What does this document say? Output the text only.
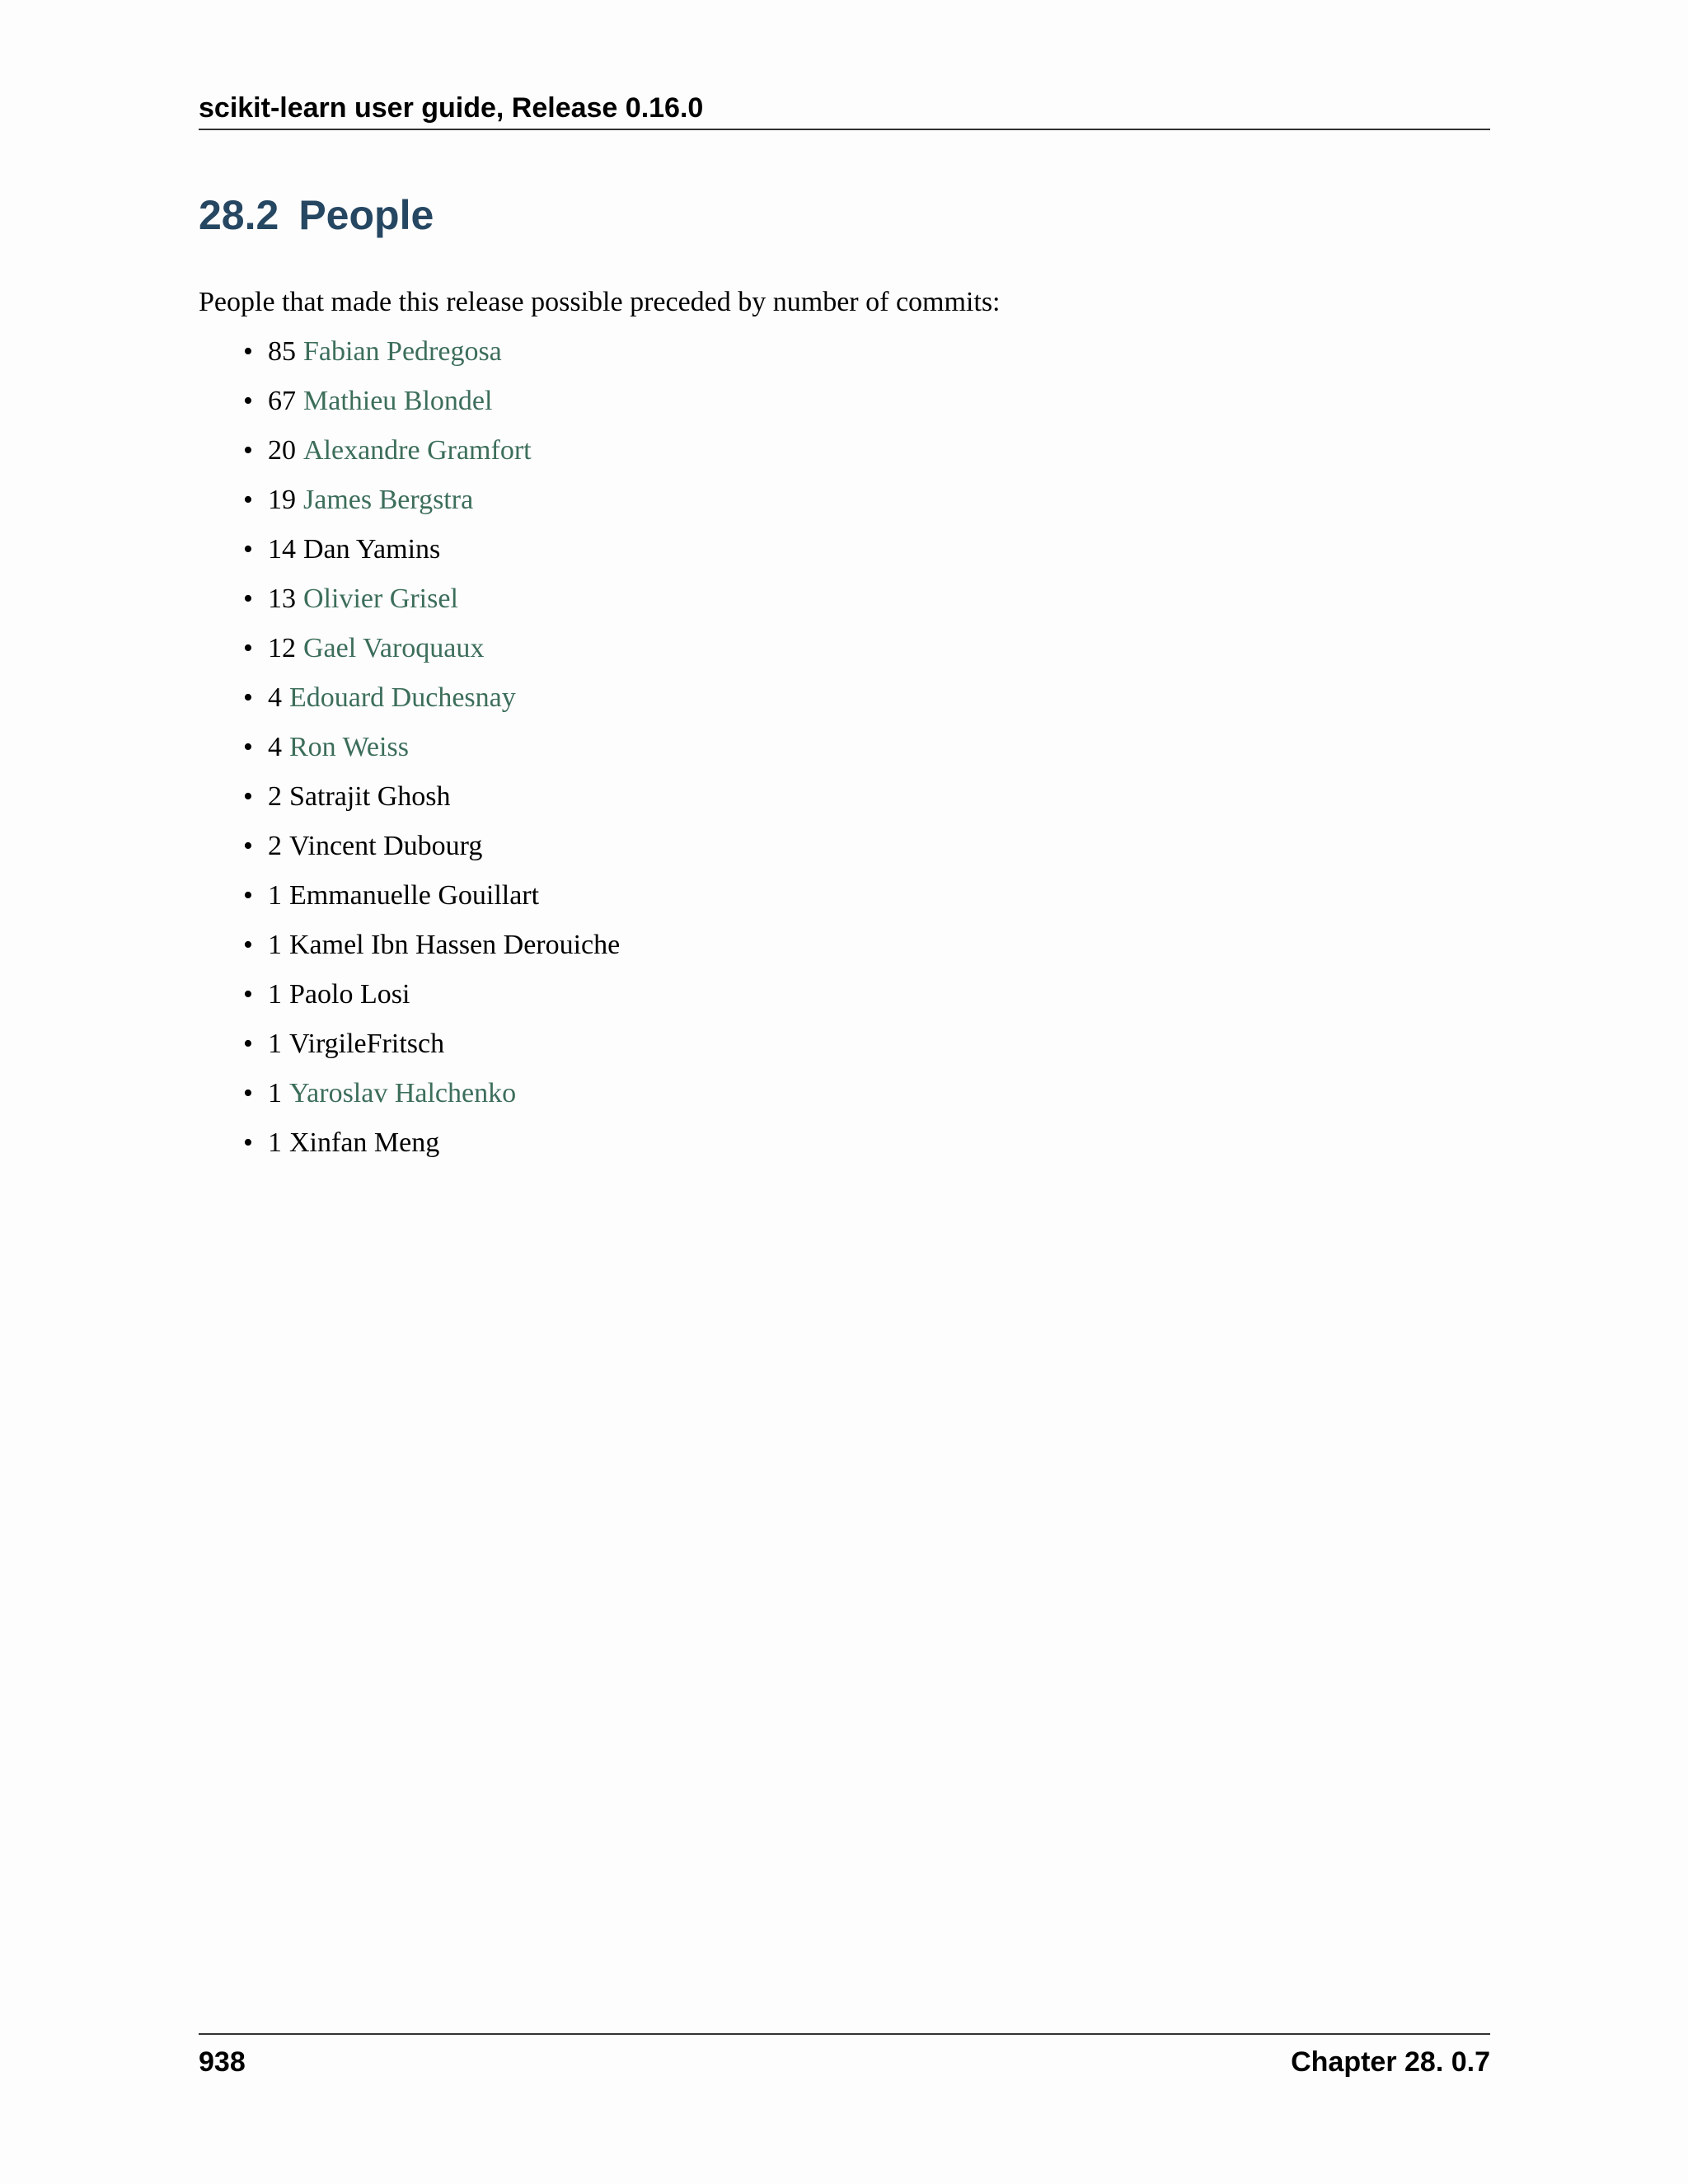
scikit-learn user guide, Release 0.16.0
28.2 People

People that made this release possible preceded by number of commits:

• 85 Fabian Pedregosa
• 67 Mathieu Blondel
• 20 Alexandre Gramfort
• 19 James Bergstra
• 14 Dan Yamins
• 13 Olivier Grisel
• 12 Gael Varoquaux
• 4 Edouard Duchesnay
• 4 Ron Weiss
• 2 Satrajit Ghosh
• 2 Vincent Dubourg
• 1 Emmanuelle Gouillart
• 1 Kamel Ibn Hassen Derouiche
• 1 Paolo Losi
• 1 VirgileFritsch
• 1 Yaroslav Halchenko
• 1 Xinfan Meng
938	Chapter 28. 0.7
